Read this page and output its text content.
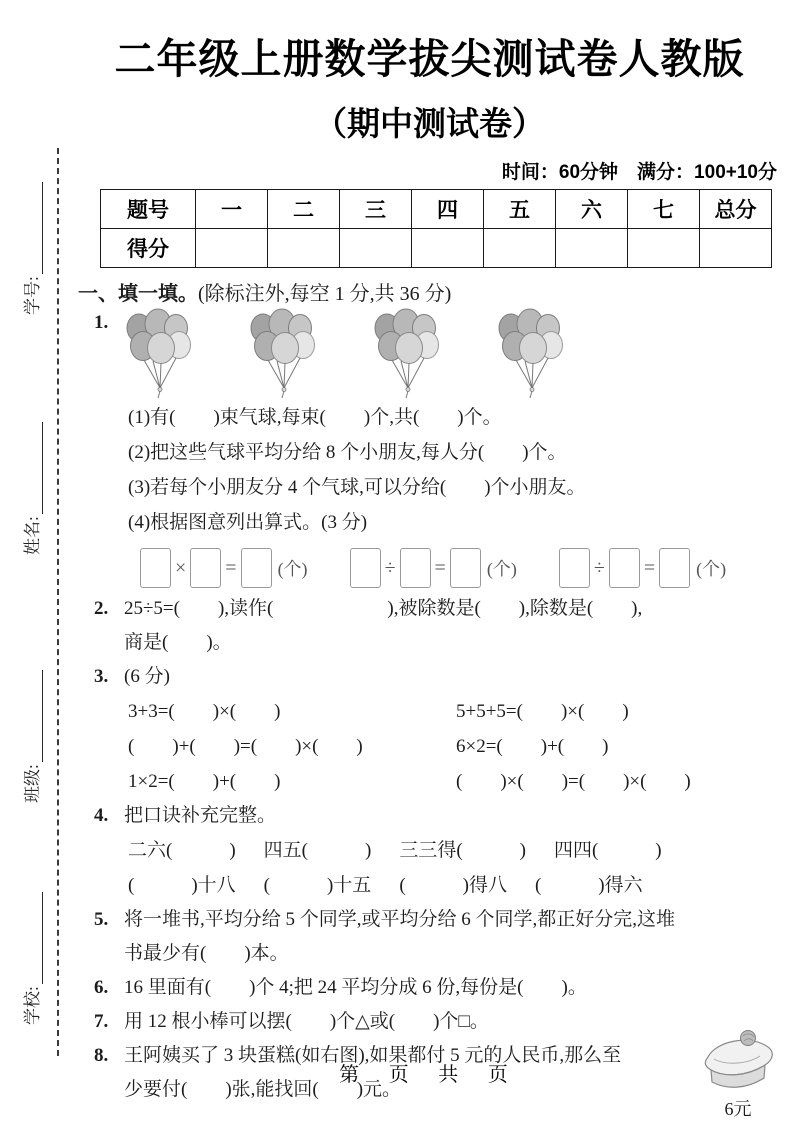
学号:
姓名:
班级:
学校:
二年级上册数学拔尖测试卷人教版
（期中测试卷）
时间：60分钟　满分：100+10分
题号	一	二	三	四	五	六	七	总分
得分								
一、填一填。(除标注外,每空 1 分,共 36 分)
1.
(1)有(　　)束气球,每束(　　)个,共(　　)个。
(2)把这些气球平均分给 8 个小朋友,每人分(　　)个。
(3)若每个小朋友分 4 个气球,可以分给(　　)个小朋友。
(4)根据图意列出算式。(3 分)
× = (个)	÷ = (个)	÷ = (个)
2. 25÷5=(　　),读作(　　　　　　),被除数是(　　),除数是(　　),
商是(　　)。
3. (6 分)
3+3=(　　)×(　　)	5+5+5=(　　)×(　　)
(　　)+(　　)=(　　)×(　　)	6×2=(　　)+(　　)
1×2=(　　)+(　　)	(　　)×(　　)=(　　)×(　　)
4. 把口诀补充完整。
二六(　　　) 四五(　　　) 三三得(　　　) 四四(　　　)
(　　　)十八 (　　　)十五 (　　　)得八 (　　　)得六
5. 将一堆书,平均分给 5 个同学,或平均分给 6 个同学,都正好分完,这堆
书最少有(　　)本。
6. 16 里面有(　　)个 4;把 24 平均分成 6 份,每份是(　　)。
7. 用 12 根小棒可以摆(　　)个△或(　　)个□。
8. 王阿姨买了 3 块蛋糕(如右图),如果都付 5 元的人民币,那么至
少要付(　　)张,能找回(　　)元。
6元
第 页 共 页
